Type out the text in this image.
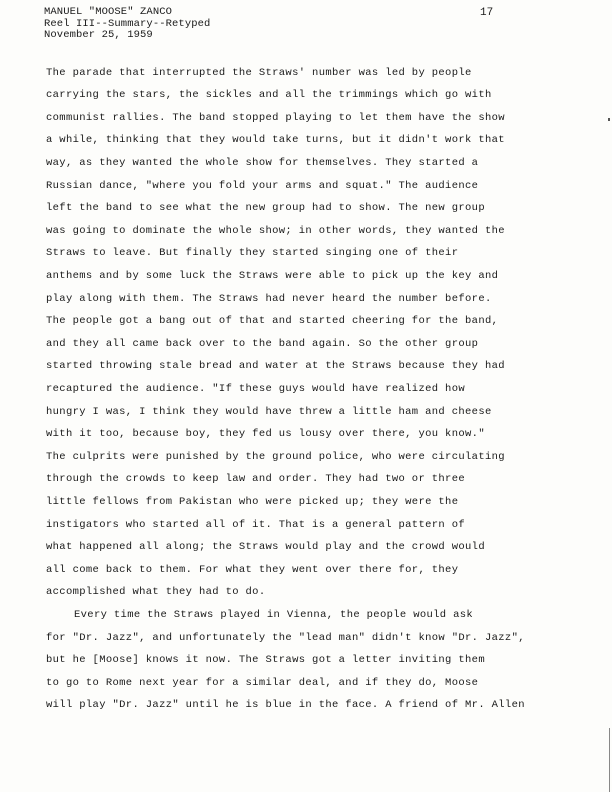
MANUEL "MOOSE" ZANCO
Reel III--Summary--Retyped
November 25, 1959
17
The parade that interrupted the Straws' number was led by people
carrying the stars, the sickles and all the trimmings which go with
communist rallies. The band stopped playing to let them have the show
a while, thinking that they would take turns, but it didn't work that
way, as they wanted the whole show for themselves. They started a
Russian dance, "where you fold your arms and squat." The audience
left the band to see what the new group had to show. The new group
was going to dominate the whole show; in other words, they wanted the
Straws to leave. But finally they started singing one of their
anthems and by some luck the Straws were able to pick up the key and
play along with them. The Straws had never heard the number before.
The people got a bang out of that and started cheering for the band,
and they all came back over to the band again. So the other group
started throwing stale bread and water at the Straws because they had
recaptured the audience. "If these guys would have realized how
hungry I was, I think they would have threw a little ham and cheese
with it too, because boy, they fed us lousy over there, you know."
The culprits were punished by the ground police, who were circulating
through the crowds to keep law and order. They had two or three
little fellows from Pakistan who were picked up; they were the
instigators who started all of it. That is a general pattern of
what happened all along; the Straws would play and the crowd would
all come back to them. For what they went over there for, they
accomplished what they had to do.
Every time the Straws played in Vienna, the people would ask
for "Dr. Jazz", and unfortunately the "lead man" didn't know "Dr. Jazz",
but he [Moose] knows it now. The Straws got a letter inviting them
to go to Rome next year for a similar deal, and if they do, Moose
will play "Dr. Jazz" until he is blue in the face. A friend of Mr. Allen
